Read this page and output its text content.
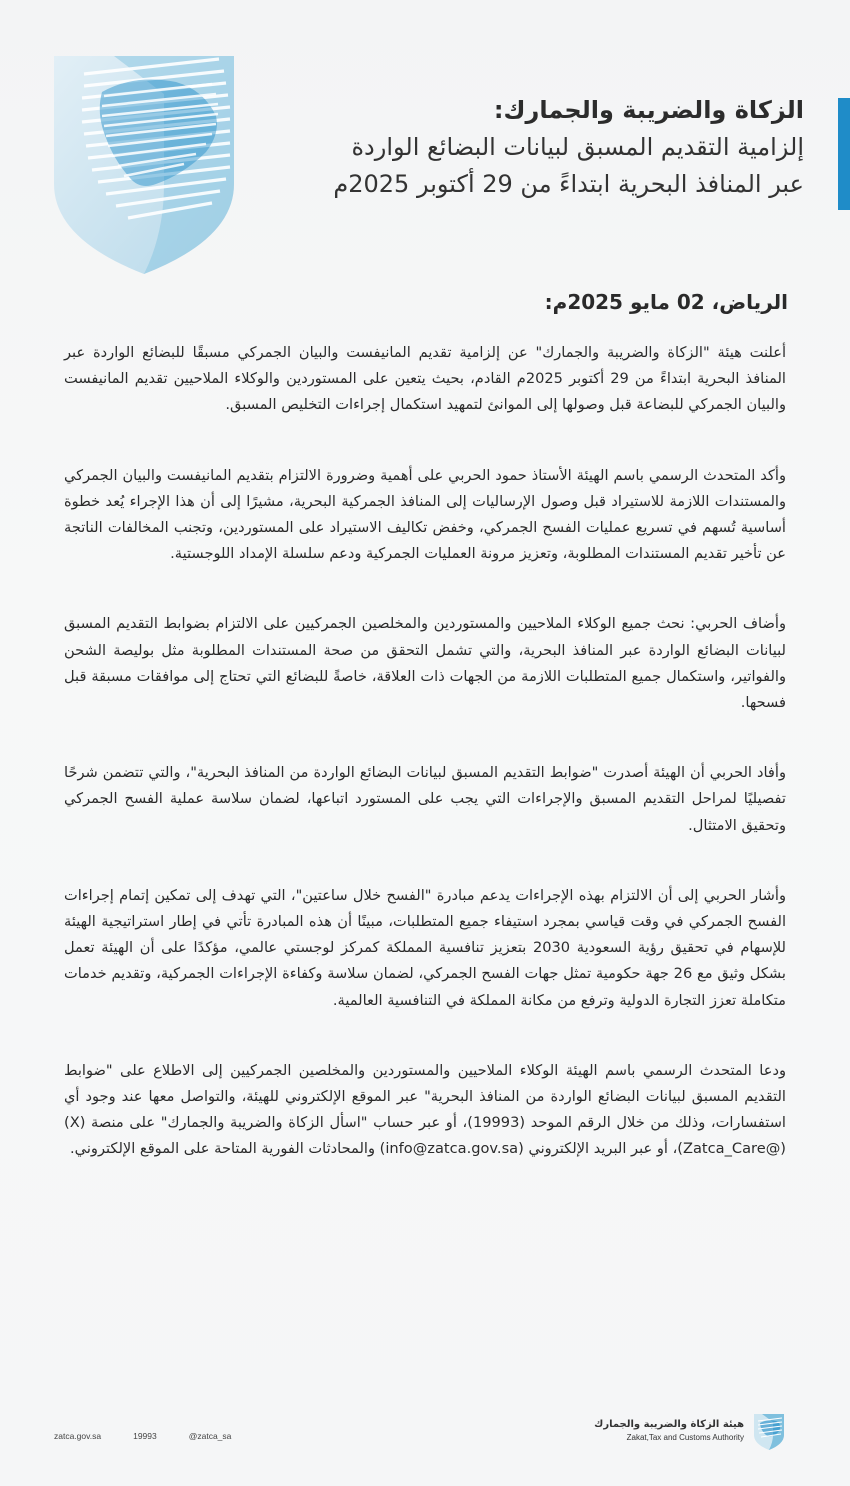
الزكاة والضريبة والجمارك:

إلزامية التقديم المسبق لبيانات البضائع الواردة

عبر المنافذ البحرية ابتداءً من 29 أكتوبر 2025م

الرياض، 02 مايو 2025م:

أعلنت هيئة "الزكاة والضريبة والجمارك" عن إلزامية تقديم المانيفست والبيان الجمركي مسبقًا للبضائع الواردة عبر المنافذ البحرية ابتداءً من 29 أكتوبر 2025م القادم، بحيث يتعين على المستوردين والوكلاء الملاحيين تقديم المانيفست والبيان الجمركي للبضاعة قبل وصولها إلى الموانئ لتمهيد استكمال إجراءات التخليص المسبق.

وأكد المتحدث الرسمي باسم الهيئة الأستاذ حمود الحربي على أهمية وضرورة الالتزام بتقديم المانيفست والبيان الجمركي والمستندات اللازمة للاستيراد قبل وصول الإرساليات إلى المنافذ الجمركية البحرية، مشيرًا إلى أن هذا الإجراء يُعد خطوة أساسية تُسهم في تسريع عمليات الفسح الجمركي، وخفض تكاليف الاستيراد على المستوردين، وتجنب المخالفات الناتجة عن تأخير تقديم المستندات المطلوبة، وتعزيز مرونة العمليات الجمركية ودعم سلسلة الإمداد اللوجستية.

وأضاف الحربي: نحث جميع الوكلاء الملاحيين والمستوردين والمخلصين الجمركيين على الالتزام بضوابط التقديم المسبق لبيانات البضائع الواردة عبر المنافذ البحرية، والتي تشمل التحقق من صحة المستندات المطلوبة مثل بوليصة الشحن والفواتير، واستكمال جميع المتطلبات اللازمة من الجهات ذات العلاقة، خاصةً للبضائع التي تحتاج إلى موافقات مسبقة قبل فسحها.

وأفاد الحربي أن الهيئة أصدرت "ضوابط التقديم المسبق لبيانات البضائع الواردة من المنافذ البحرية"، والتي تتضمن شرحًا تفصيليًا لمراحل التقديم المسبق والإجراءات التي يجب على المستورد اتباعها، لضمان سلاسة عملية الفسح الجمركي وتحقيق الامتثال.

وأشار الحربي إلى أن الالتزام بهذه الإجراءات يدعم مبادرة "الفسح خلال ساعتين"، التي تهدف إلى تمكين إتمام إجراءات الفسح الجمركي في وقت قياسي بمجرد استيفاء جميع المتطلبات، مبينًا أن هذه المبادرة تأتي في إطار استراتيجية الهيئة للإسهام في تحقيق رؤية السعودية 2030 بتعزيز تنافسية المملكة كمركز لوجستي عالمي، مؤكدًا على أن الهيئة تعمل بشكل وثيق مع 26 جهة حكومية تمثل جهات الفسح الجمركي، لضمان سلاسة وكفاءة الإجراءات الجمركية، وتقديم خدمات متكاملة تعزز التجارة الدولية وترفع من مكانة المملكة في التنافسية العالمية.

ودعا المتحدث الرسمي باسم الهيئة الوكلاء الملاحيين والمستوردين والمخلصين الجمركيين إلى الاطلاع على "ضوابط التقديم المسبق لبيانات البضائع الواردة من المنافذ البحرية" عبر الموقع الإلكتروني للهيئة، والتواصل معها عند وجود أي استفسارات، وذلك من خلال الرقم الموحد (19993)، أو عبر حساب "اسأل الزكاة والضريبة والجمارك" على منصة (X) (@Zatca_Care)، أو عبر البريد الإلكتروني (info@zatca.gov.sa) والمحادثات الفورية المتاحة على الموقع الإلكتروني.

zatca.gov.sa	19993	@zatca_sa
هيئة الزكاة والضريبة والجمارك
Zakat,Tax and Customs Authority
